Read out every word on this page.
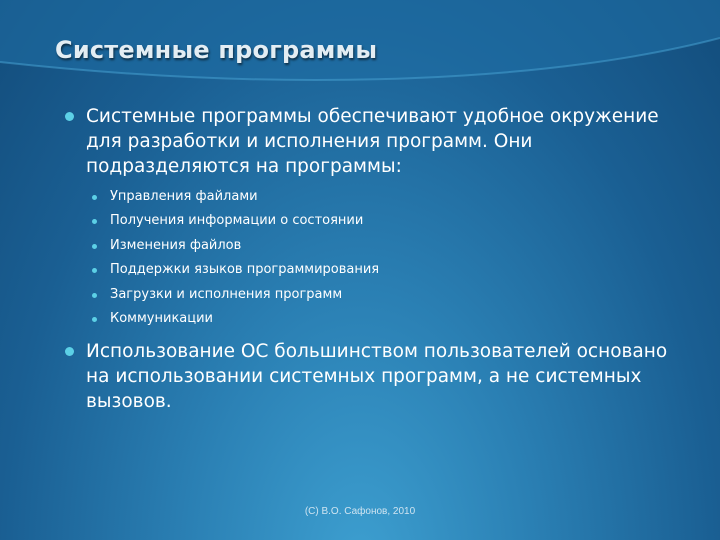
Системные программы
Системные программы обеспечивают удобное окружение для разработки и исполнения программ. Они подразделяются на программы:
Управления файлами
Получения информации о состоянии
Изменения файлов
Поддержки языков программирования
Загрузки и исполнения программ
Коммуникации
Использование ОС большинством пользователей основано на использовании системных программ, а не системных вызовов.
(C) В.О. Сафонов, 2010
